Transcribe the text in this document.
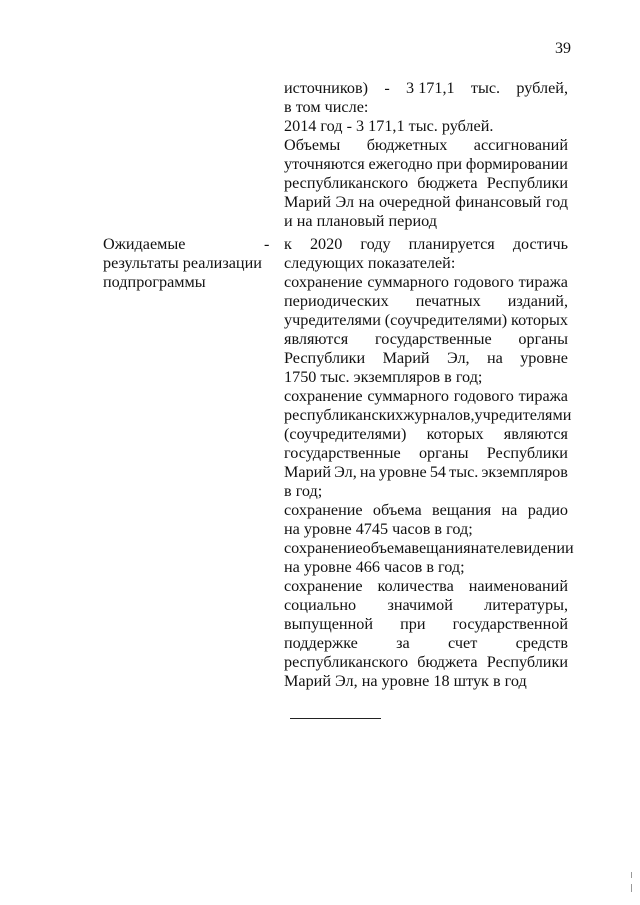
39
источников) - 3 171,1 тыс. рублей,
в том числе:
2014 год - 3 171,1 тыс. рублей.
Объемы бюджетных ассигнований
уточняются ежегодно при формировании
республиканского бюджета Республики
Марий Эл на очередной финансовый год
и на плановый период
Ожидаемые
результаты реализации
подпрограммы
- к 2020 году планируется достичь
следующих показателей:
сохранение суммарного годового тиража
периодических печатных изданий,
учредителями (соучредителями) которых
являются государственные органы
Республики Марий Эл, на уровне
1750 тыс. экземпляров в год;
сохранение суммарного годового тиража
республиканских журналов, учредителями
(соучредителями) которых являются
государственные органы Республики
Марий Эл, на уровне 54 тыс. экземпляров
в год;
сохранение объема вещания на радио
на уровне 4745 часов в год;
сохранение объема вещания на телевидении
на уровне 466 часов в год;
сохранение количества наименований
социально значимой литературы,
выпущенной при государственной
поддержке за счет средств
республиканского бюджета Республики
Марий Эл, на уровне 18 штук в год
